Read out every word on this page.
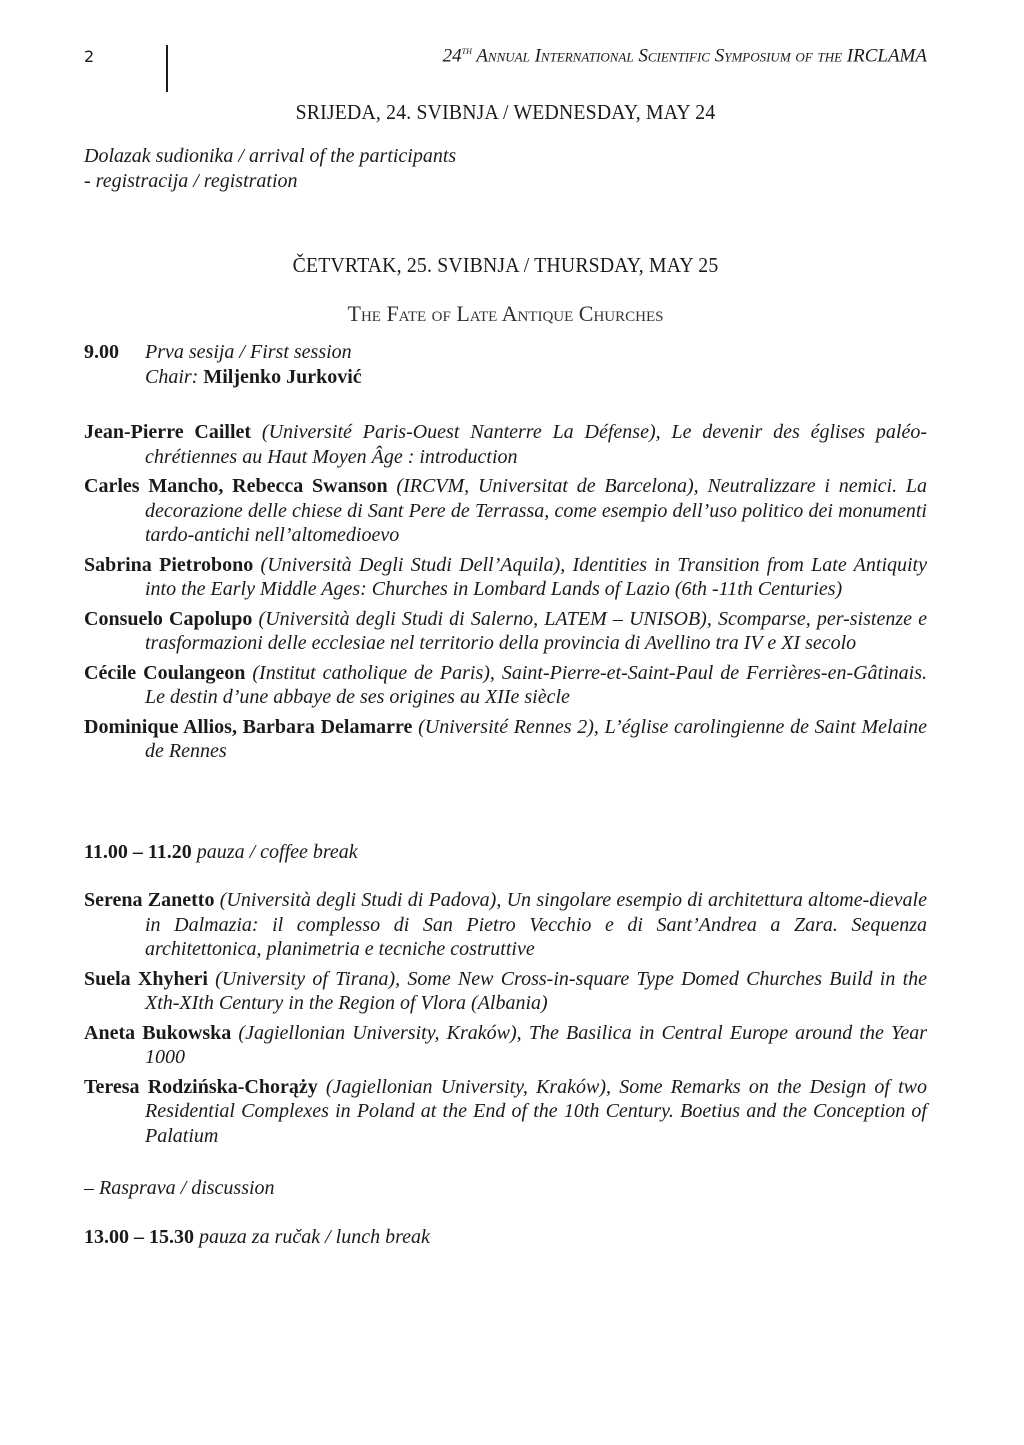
2	24th Annual International Scientific Symposium of the IRCLAMA
SRIJEDA, 24. SVIBNJA / WEDNESDAY, MAY 24
Dolazak sudionika / arrival of the participants
- registracija / registration
ČETVRTAK, 25. SVIBNJA / THURSDAY, MAY 25
The Fate of Late Antique Churches
9.00 Prva sesija / First session
Chair: Miljenko Jurković
Jean-Pierre Caillet (Université Paris-Ouest Nanterre La Défense), Le devenir des églises paléo-chrétiennes au Haut Moyen Âge : introduction
Carles Mancho, Rebecca Swanson (IRCVM, Universitat de Barcelona), Neutralizzare i nemici. La decorazione delle chiese di Sant Pere de Terrassa, come esempio dell’uso politico dei monumenti tardo-antichi nell’altomedioevo
Sabrina Pietrobono (Università Degli Studi Dell’Aquila), Identities in Transition from Late Antiquity into the Early Middle Ages: Churches in Lombard Lands of Lazio (6th -11th Centuries)
Consuelo Capolupo (Università degli Studi di Salerno, LATEM – UNISOB), Scomparse, per-sistenze e trasformazioni delle ecclesiae nel territorio della provincia di Avellino tra IV e XI secolo
Cécile Coulangeon (Institut catholique de Paris), Saint-Pierre-et-Saint-Paul de Ferrières-en-Gâtinais. Le destin d’une abbaye de ses origines au XIIe siècle
Dominique Allios, Barbara Delamarre (Université Rennes 2), L’église carolingienne de Saint Melaine de Rennes
11.00 – 11.20 pauza / coffee break
Serena Zanetto (Università degli Studi di Padova), Un singolare esempio di architettura altome-dievale in Dalmazia: il complesso di San Pietro Vecchio e di Sant’Andrea a Zara. Sequenza architettonica, planimetria e tecniche costruttive
Suela Xhyheri (University of Tirana), Some New Cross-in-square Type Domed Churches Build in the Xth-XIth Century in the Region of Vlora (Albania)
Aneta Bukowska (Jagiellonian University, Kraków), The Basilica in Central Europe around the Year 1000
Teresa Rodzińska-Chorąży (Jagiellonian University, Kraków), Some Remarks on the Design of two Residential Complexes in Poland at the End of the 10th Century. Boetius and the Conception of Palatium
– Rasprava / discussion
13.00 – 15.30 pauza za ručak / lunch break
